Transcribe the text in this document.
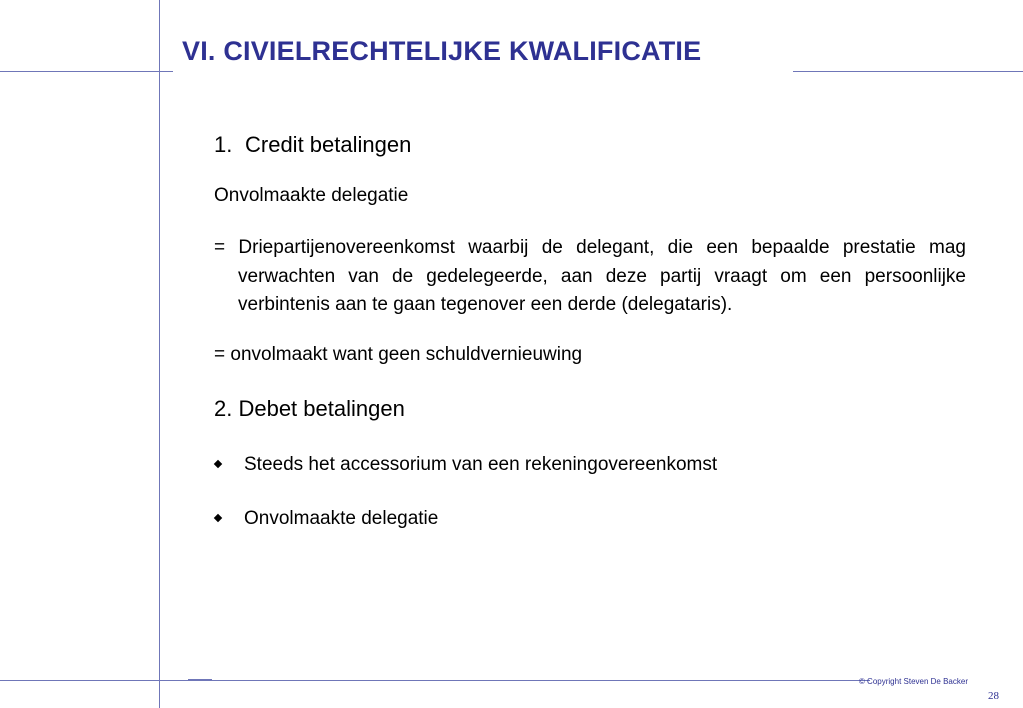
VI. CIVIELRECHTELIJKE KWALIFICATIE
1. Credit betalingen
Onvolmaakte delegatie
= Driepartijenovereenkomst waarbij de delegant, die een bepaalde prestatie mag verwachten van de gedelegeerde, aan deze partij vraagt om een persoonlijke verbintenis aan te gaan tegenover een derde (delegataris).
= onvolmaakt want geen schuldvernieuwing
2. Debet betalingen
Steeds het accessorium van een rekeningovereenkomst
Onvolmaakte delegatie
© Copyright Steven De Backer
28
